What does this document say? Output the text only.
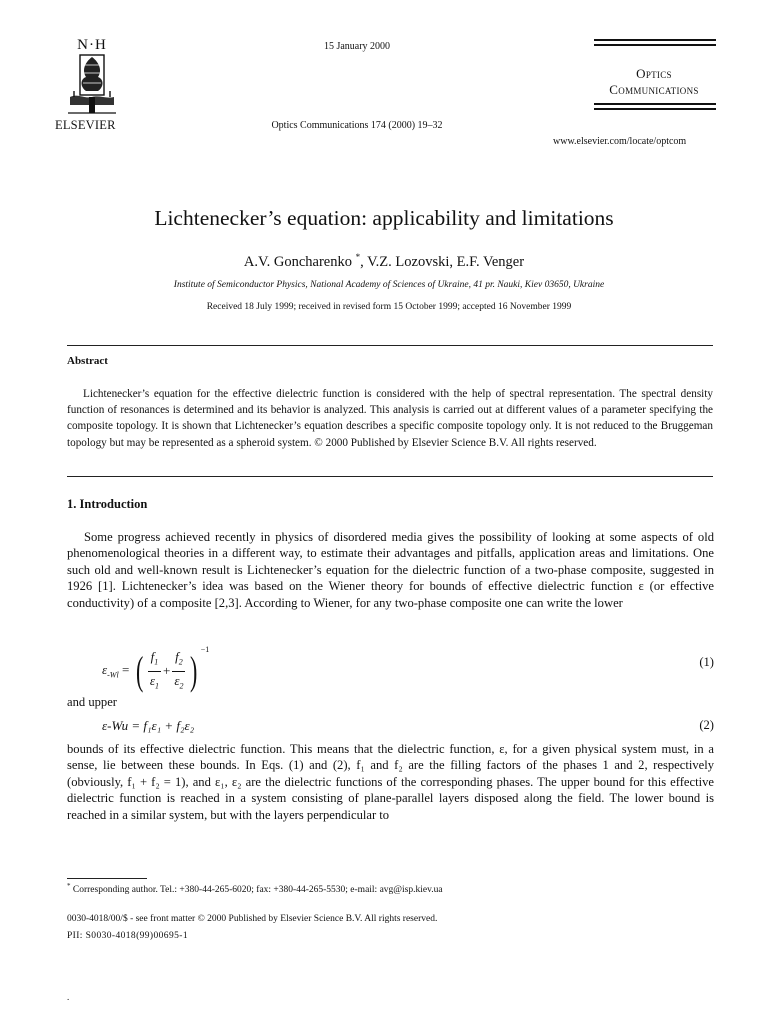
N·H
ELSEVIER
15 January 2000
Optics Communications 174 (2000) 19–32
Optics
Communications
www.elsevier.com/locate/optcom
Lichtenecker’s equation: applicability and limitations
A.V. Goncharenko *, V.Z. Lozovski, E.F. Venger
Institute of Semiconductor Physics, National Academy of Sciences of Ukraine, 41 pr. Nauki, Kiev 03650, Ukraine
Received 18 July 1999; received in revised form 15 October 1999; accepted 16 November 1999
Abstract

Lichtenecker’s equation for the effective dielectric function is considered with the help of spectral representation. The spectral density function of resonances is determined and its behavior is analyzed. This analysis is carried out at different values of a parameter specifying the composite topology. It is shown that Lichtenecker’s equation describes a specific composite topology only. It is not reduced to the Bruggeman topology but may be represented as a spheroid system. © 2000 Published by Elsevier Science B.V. All rights reserved.

1. Introduction

Some progress achieved recently in physics of disordered media gives the possibility of looking at some aspects of old phenomenological theories in a different way, to estimate their advantages and pitfalls, application areas and limitations. One such old and well-known result is Lichtenecker’s equation for the dielectric function of a two-phase composite, suggested in 1926 [1]. Lichtenecker’s idea was based on the Wiener theory for bounds of effective dielectric function ε (or effective conductivity) of a composite [2,3]. According to Wiener, for any two-phase composite one can write the lower

$\varepsilon_{-Wl}$ = ( $\frac{f_1}{\varepsilon_1} + \frac{f_2}{\varepsilon_2}$ ) $^{-1}$
(1)
and upper
ε-Wu = f₁ε₁ + f₂ε₂	(2)

bounds of its effective dielectric function. This means that the dielectric function, ε, for a given physical system must, in a sense, lie between these bounds. In Eqs. (1) and (2), f₁ and f₂ are the filling factors of the phases 1 and 2, respectively (obviously, f₁ + f₂ = 1), and ε₁, ε₂ are the dielectric functions of the corresponding phases. The upper bound for this effective dielectric function is reached in a system consisting of plane-parallel layers disposed along the field. The lower bound is reached in a similar system, but with the layers perpendicular to

* Corresponding author. Tel.: +380-44-265-6020; fax: +380-44-265-5530; e-mail: avg@isp.kiev.ua
0030-4018/00/$ - see front matter © 2000 Published by Elsevier Science B.V. All rights reserved.
PII: S0030-4018(99)00695-1
.
